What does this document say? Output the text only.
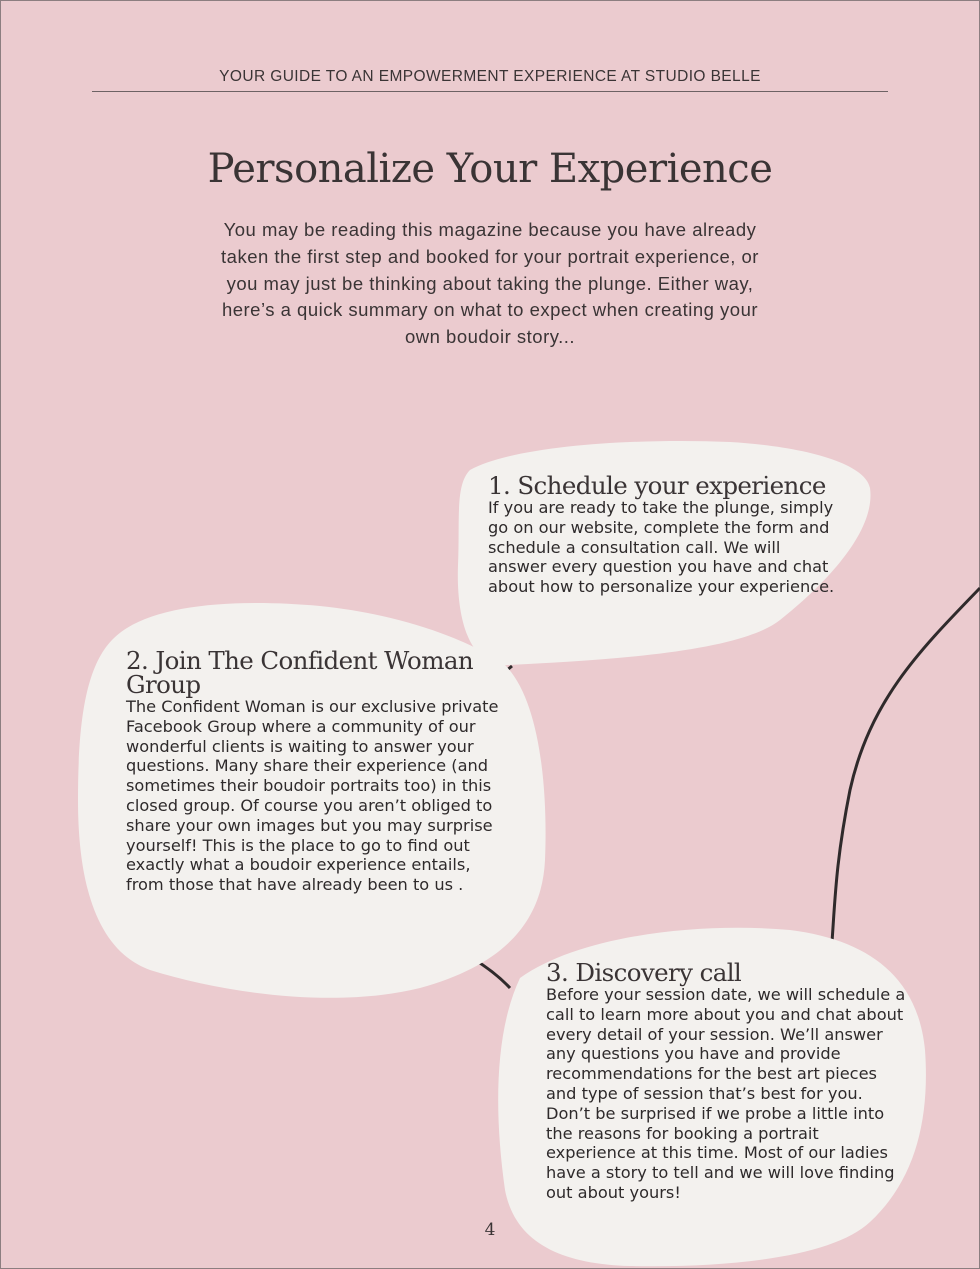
YOUR GUIDE TO AN EMPOWERMENT EXPERIENCE AT STUDIO BELLE
Personalize Your Experience

You may be reading this magazine because you have already taken the first step and booked for your portrait experience, or you may just be thinking about taking the plunge. Either way, here’s a quick summary on what to expect when creating your own boudoir story...

1. Schedule your experience

If you are ready to take the plunge, simply go on our website, complete the form and schedule a consultation call. We will answer every question you have and chat about how to personalize your experience.

2. Join The Confident Woman Group

The Confident Woman is our exclusive private Facebook Group where a community of our wonderful clients is waiting to answer your questions. Many share their experience (and sometimes their boudoir portraits too) in this closed group. Of course you aren’t obliged to share your own images but you may surprise yourself! This is the place to go to find out exactly what a boudoir experience entails, from those that have already been to us .

3. Discovery call

Before your session date, we will schedule a call to learn more about you and chat about every detail of your session. We’ll answer any questions you have and provide recommendations for the best art pieces and type of session that’s best for you. Don’t be surprised if we probe a little into the reasons for booking a portrait experience at this time. Most of our ladies have a story to tell and we will love finding out about yours!

4
